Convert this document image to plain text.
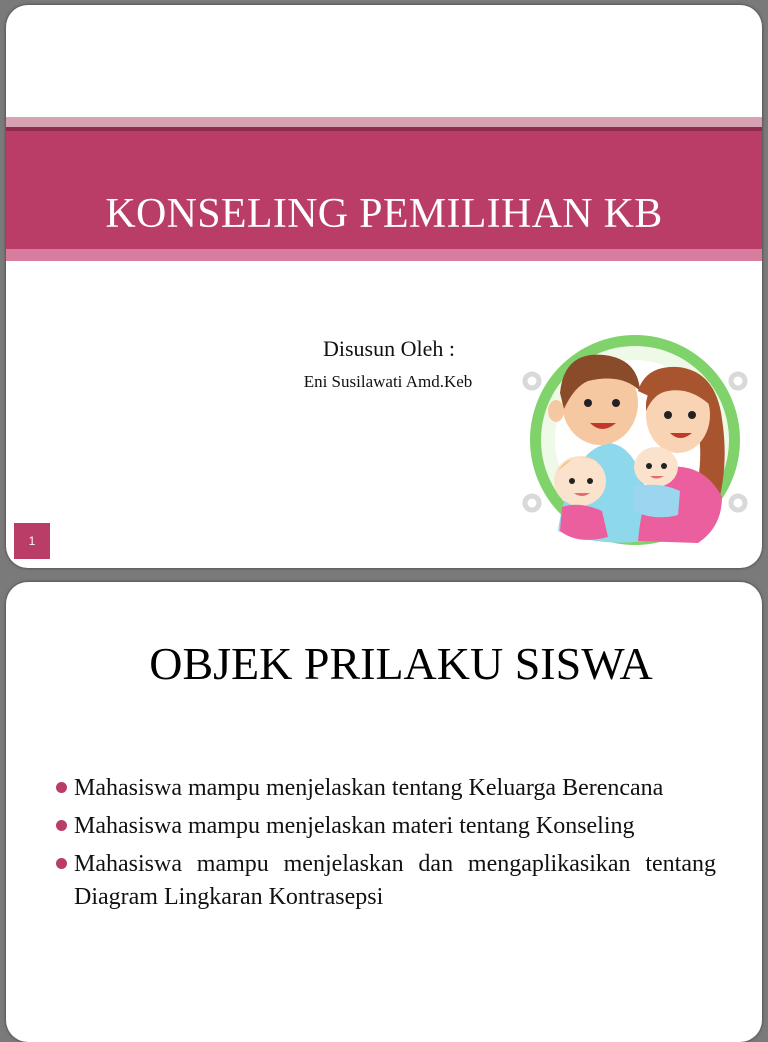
KONSELING PEMILIHAN KB
Disusun Oleh :
Eni Susilawati Amd.Keb
1
OBJEK PRILAKU SISWA
Mahasiswa mampu menjelaskan tentang Keluarga Berencana
Mahasiswa mampu menjelaskan materi tentang Konseling
Mahasiswa mampu menjelaskan dan mengaplikasikan tentang Diagram Lingkaran Kontrasepsi
